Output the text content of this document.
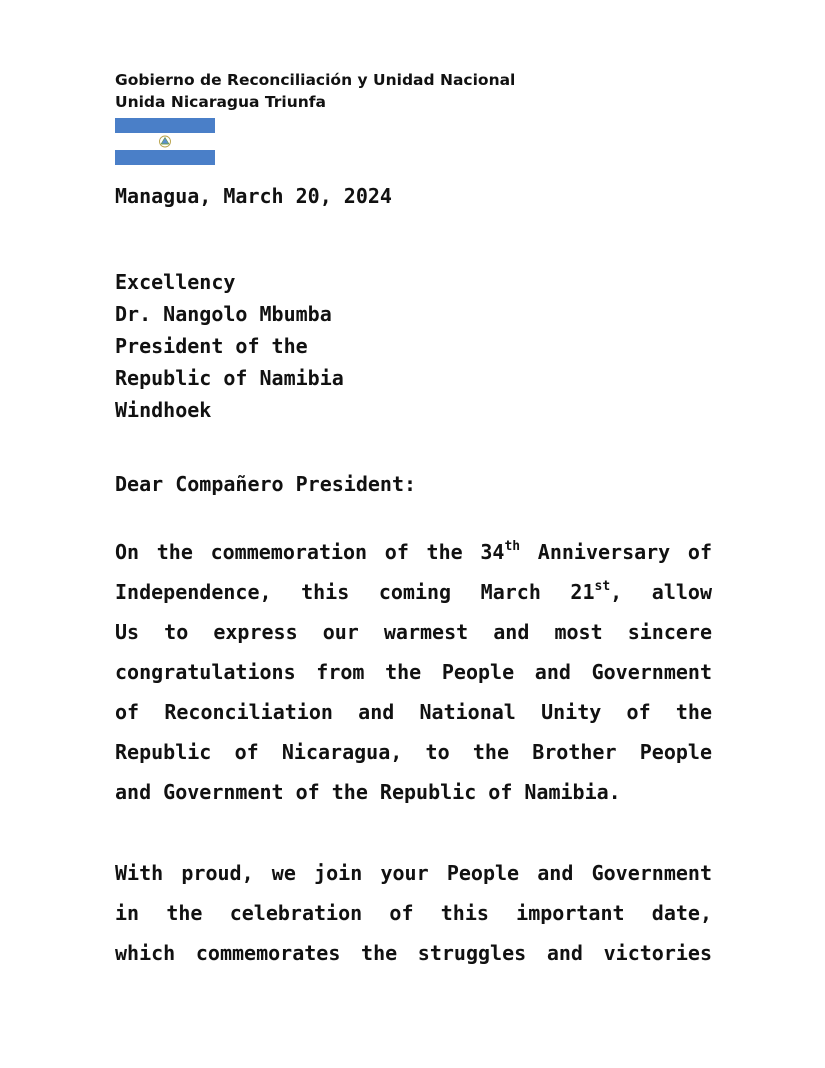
Gobierno de Reconciliación y Unidad Nacional
Unida Nicaragua Triunfa
Managua, March 20, 2024
Excellency
Dr. Nangolo Mbumba
President of the
Republic of Namibia
Windhoek
Dear Compañero President:
On the commemoration of the 34th Anniversary of
Independence, this coming March 21st, allow
Us to express our warmest and most sincere
congratulations from the People and Government
of Reconciliation and National Unity of the
Republic of Nicaragua, to the Brother People
and Government of the Republic of Namibia.
With proud, we join your People and Government
in the celebration of this important date,
which commemorates the struggles and victories
